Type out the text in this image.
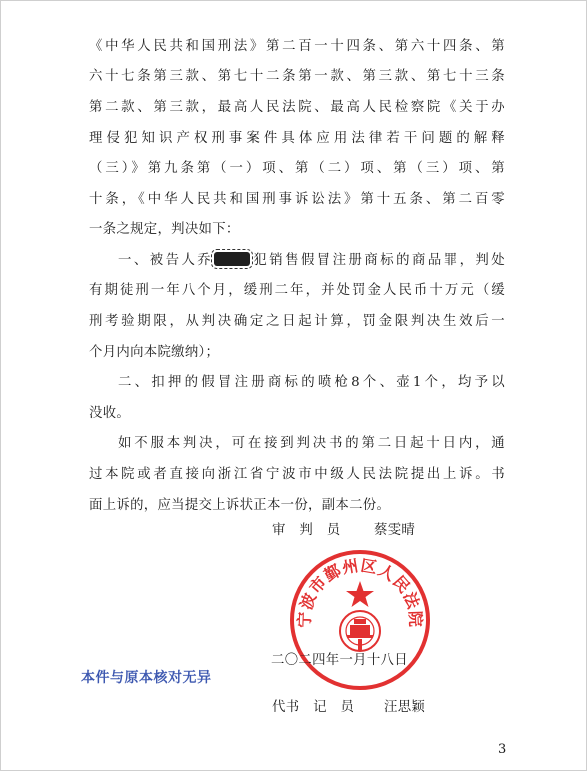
《中华人民共和国刑法》第二百一十四条、第六十四条、第
六十七条第三款、第七十二条第一款、第三款、第七十三条
第二款、第三款，最高人民法院、最高人民检察院《关于办
理侵犯知识产权刑事案件具体应用法律若干问题的解释
（三）》第九条第（一）项、第（二）项、第（三）项、第
十条，《中华人民共和国刑事诉讼法》第十五条、第二百零
一条之规定，判决如下：
一、被告人乔	犯销售假冒注册商标的商品罪，判处
有期徒刑一年八个月，缓刑二年，并处罚金人民币十万元（缓
刑考验期限，从判决确定之日起计算，罚金限判决生效后一
个月内向本院缴纳）；
二、扣押的假冒注册商标的喷枪8个、壶1个，均予以
没收。
如不服本判决，可在接到判决书的第二日起十日内，通
过本院或者直接向浙江省宁波市中级人民法院提出上诉。书
面上诉的，应当提交上诉状正本一份，副本二份。
审　判　员	蔡雯晴
宁波市鄞州区人民法院
二〇二四年一月十八日
本件与原本核对无异
代书　记　员 汪思颖
3
